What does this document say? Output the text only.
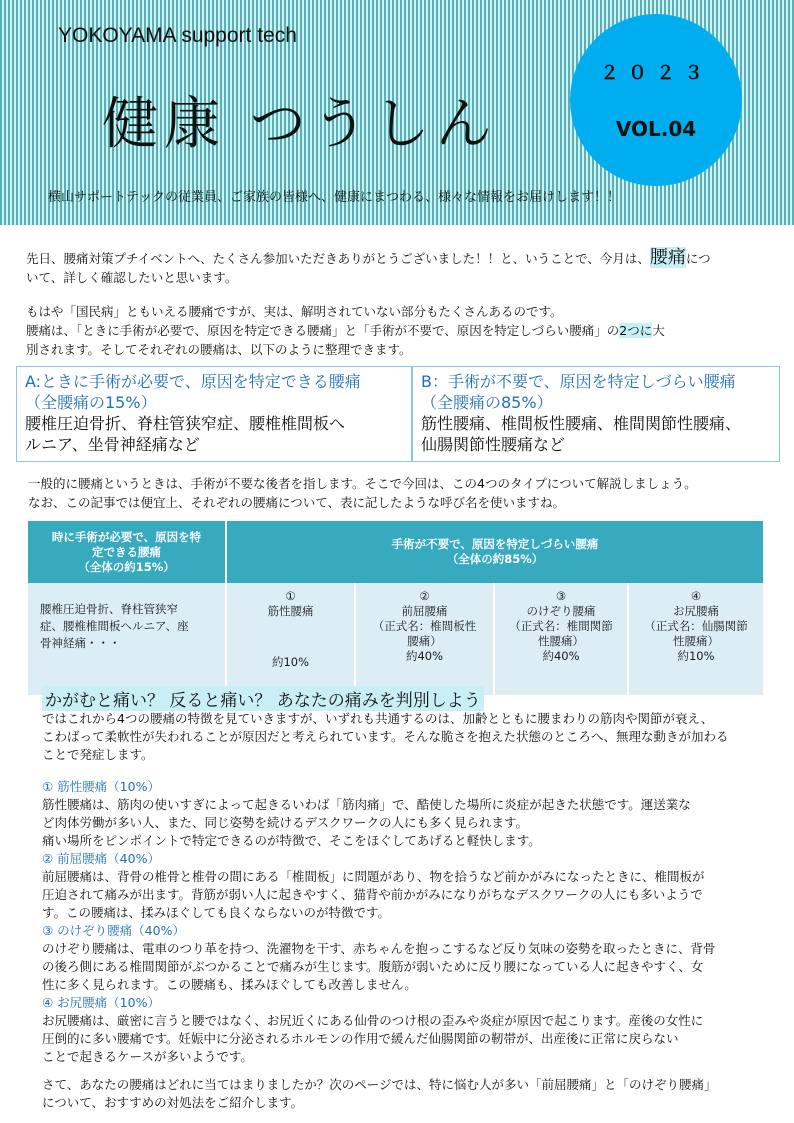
YOKOYAMA support tech
健康 つうしん
２０２３
VOL.04
横山サポートテックの従業員、ご家族の皆様へ、健康にまつわる、様々な情報をお届けします！！
先日、腰痛対策プチイベントへ、たくさん参加いただきありがとうございました！！と、いうことで、今月は、腰痛につ
いて、詳しく確認したいと思います。
もはや「国民病」ともいえる腰痛ですが、実は、解明されていない部分もたくさんあるのです。
腰痛は、「ときに手術が必要で、原因を特定できる腰痛」と「手術が不要で、原因を特定しづらい腰痛」の2つに大
別されます。そしてそれぞれの腰痛は、以下のように整理できます。
A:ときに手術が必要で、原因を特定できる腰痛
（全腰痛の15%）
腰椎圧迫骨折、脊柱管狭窄症、腰椎椎間板へ
ルニア、坐骨神経痛など
B：手術が不要で、原因を特定しづらい腰痛
（全腰痛の85%）
筋性腰痛、椎間板性腰痛、椎間関節性腰痛、
仙腸関節性腰痛など
一般的に腰痛というときは、手術が不要な後者を指します。そこで今回は、この4つのタイプについて解説しましょう。
なお、この記事では便宜上、それぞれの腰痛について、表に記したような呼び名を使いますね。
時に手術が必要で、原因を特
定できる腰痛
（全体の約15%）	手術が不要で、原因を特定しづらい腰痛
（全体の約85%）			
腰椎圧迫骨折、脊柱管狭窄
症、腰椎椎間板ヘルニア、座
骨神経痛・・・	①
筋性腰痛

約10%	②
前屈腰痛
（正式名：椎間板性
腰痛）
約40%	③
のけぞり腰痛
（正式名：椎間関節
性腰痛）
約40%	④
お尻腰痛
（正式名：仙腸関節
性腰痛）
約10%
かがむと痛い？ 反ると痛い？ あなたの痛みを判別しよう
ではこれから4つの腰痛の特徴を見ていきますが、いずれも共通するのは、加齢とともに腰まわりの筋肉や関節が衰え、
こわばって柔軟性が失われることが原因だと考えられています。そんな脆さを抱えた状態のところへ、無理な動きが加わる
ことで発症します。
① 筋性腰痛（10%）
筋性腰痛は、筋肉の使いすぎによって起きるいわば「筋肉痛」で、酷使した場所に炎症が起きた状態です。運送業な
ど肉体労働が多い人、また、同じ姿勢を続けるデスクワークの人にも多く見られます。
痛い場所をピンポイントで特定できるのが特徴で、そこをほぐしてあげると軽快します。
② 前屈腰痛（40%）
前屈腰痛は、背骨の椎骨と椎骨の間にある「椎間板」に問題があり、物を拾うなど前かがみになったときに、椎間板が
圧迫されて痛みが出ます。背筋が弱い人に起きやすく、猫背や前かがみになりがちなデスクワークの人にも多いようで
す。この腰痛は、揉みほぐしても良くならないのが特徴です。
③ のけぞり腰痛（40%）
のけぞり腰痛は、電車のつり革を持つ、洗濯物を干す、赤ちゃんを抱っこするなど反り気味の姿勢を取ったときに、背骨
の後ろ側にある椎間関節がぶつかることで痛みが生じます。腹筋が弱いために反り腰になっている人に起きやすく、女
性に多く見られます。この腰痛も、揉みほぐしても改善しません。
④ お尻腰痛（10%）
お尻腰痛は、厳密に言うと腰ではなく、お尻近くにある仙骨のつけ根の歪みや炎症が原因で起こります。産後の女性に
圧倒的に多い腰痛です。妊娠中に分泌されるホルモンの作用で緩んだ仙腸関節の靭帯が、出産後に正常に戻らない
ことで起きるケースが多いようです。
さて、あなたの腰痛はどれに当てはまりましたか？次のページでは、特に悩む人が多い「前屈腰痛」と「のけぞり腰痛」
について、おすすめの対処法をご紹介します。
